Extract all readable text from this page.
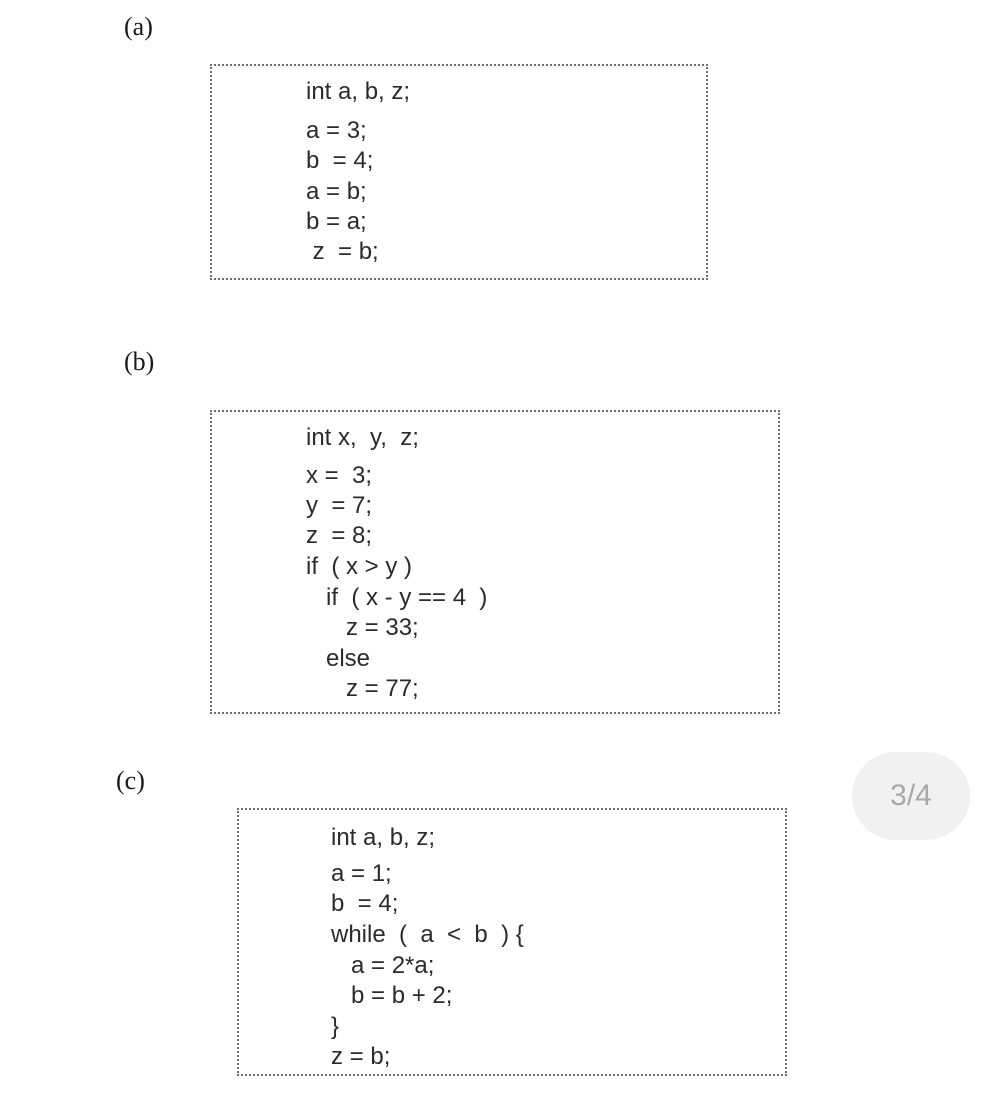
(a)

int a, b, z;
a = 3;
b  = 4;
a = b;
b = a;
z  = b;

(b)

int x,  y,  z;
x =  3;
y  = 7;
z  = 8;
if  ( x > y )
if  ( x - y == 4  )
z = 33;
else
z = 77;

(c)

int a, b, z;
a = 1;
b  = 4;
while  (  a  <  b  ) {
a = 2*a;
b = b + 2;
}
z = b;
3/4
